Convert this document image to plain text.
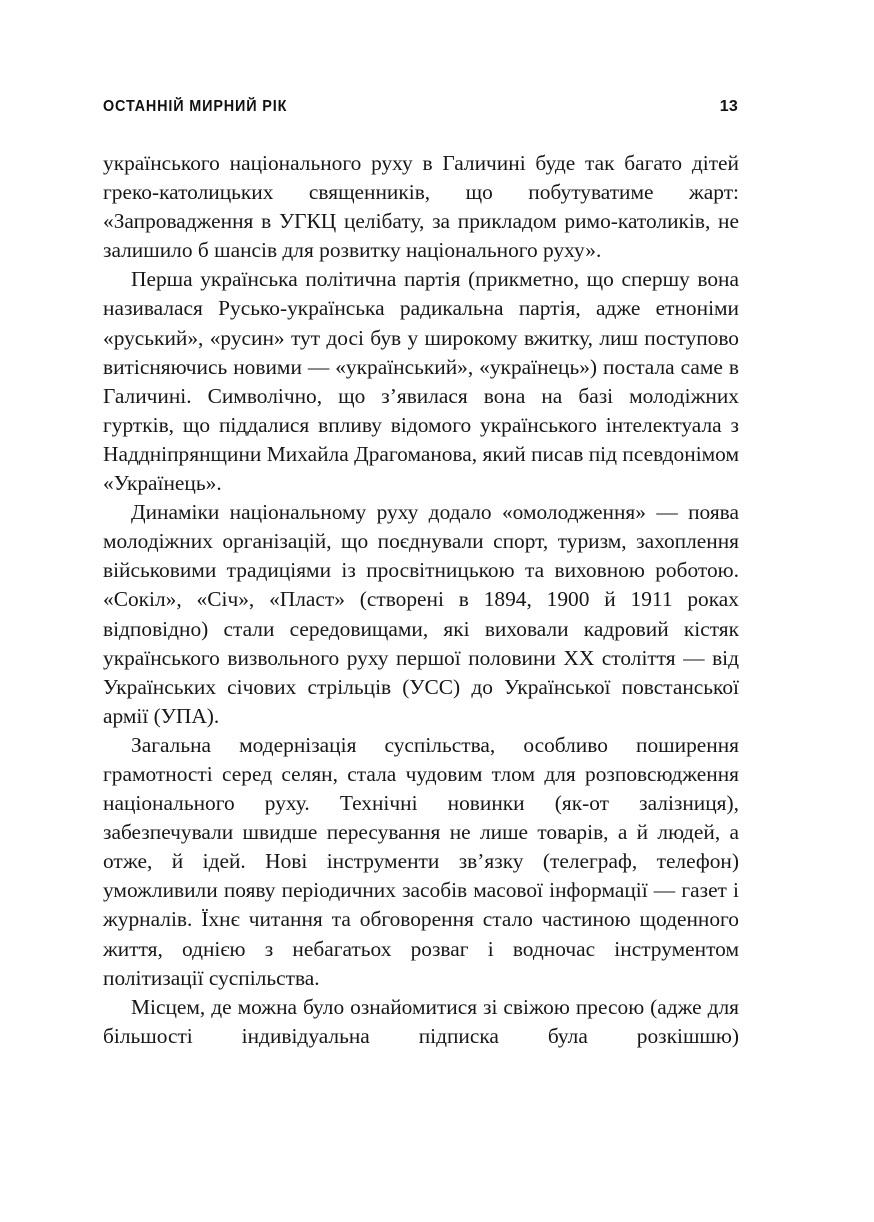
ОСТАННІЙ МИРНИЙ РІК	13

українського національного руху в Галичині буде так багато дітей греко-католицьких священників, що побутуватиме жарт: «Запровадження в УГКЦ целібату, за прикладом римо-католиків, не залишило б шансів для розвитку національного руху».

Перша українська політична партія (прикметно, що спершу вона називалася Русько-українська радикальна партія, адже етноніми «руський», «русин» тут досі був у широкому вжитку, лиш поступово витісняючись новими — «український», «українець») постала саме в Галичині. Символічно, що з’явилася вона на базі молодіжних гуртків, що піддалися впливу відомого українського інтелектуала з Наддніпрянщини Михайла Драгоманова, який писав під псевдонімом «Українець».

Динаміки національному руху додало «омолодження» — поява молодіжних організацій, що поєднували спорт, туризм, захоплення військовими традиціями із просвітницькою та виховною роботою. «Сокіл», «Січ», «Пласт» (створені в 1894, 1900 й 1911 роках відповідно) стали середовищами, які виховали кадровий кістяк українського визвольного руху першої половини XX століття — від Українських січових стрільців (УСС) до Української повстанської армії (УПА).

Загальна модернізація суспільства, особливо поширення грамотності серед селян, стала чудовим тлом для розповсюдження національного руху. Технічні новинки (як-от залізниця), забезпечували швидше пересування не лише товарів, а й людей, а отже, й ідей. Нові інструменти зв’язку (телеграф, телефон) уможливили появу періодичних засобів масової інформації — газет і журналів. Їхнє читання та обговорення стало частиною щоденного життя, однією з небагатьох розваг і водночас інструментом політизації суспільства.

Місцем, де можна було ознайомитися зі свіжою пресою (адже для більшості індивідуальна підписка була розкішшю)
